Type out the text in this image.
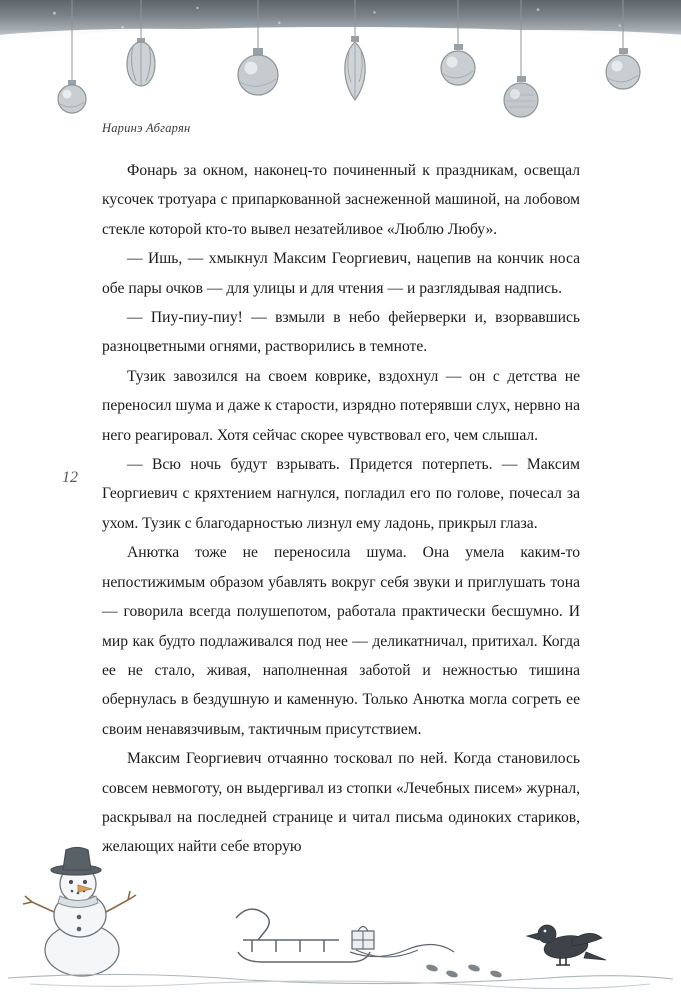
Наринэ Абгарян
12

Фонарь за окном, наконец-то починенный к праздникам, освещал кусочек тротуара с припаркованной заснеженной машиной, на лобовом стекле которой кто-то вывел незатейливое «Люблю Любу».

— Ишь, — хмыкнул Максим Георгиевич, нацепив на кончик носа обе пары очков — для улицы и для чтения — и разглядывая надпись.

— Пиу-пиу-пиу! — взмыли в небо фейерверки и, взорвавшись разноцветными огнями, растворились в темноте.

Тузик завозился на своем коврике, вздохнул — он с детства не переносил шума и даже к старости, изрядно потерявши слух, нервно на него реагировал. Хотя сейчас скорее чувствовал его, чем слышал.

— Всю ночь будут взрывать. Придется потерпеть. — Максим Георгиевич с кряхтением нагнулся, погладил его по голове, почесал за ухом. Тузик с благодарностью лизнул ему ладонь, прикрыл глаза.

Анютка тоже не переносила шума. Она умела каким-то непостижимым образом убавлять вокруг себя звуки и приглушать тона — говорила всегда полушепотом, работала практически бесшумно. И мир как будто подлаживался под нее — деликатничал, притихал. Когда ее не стало, живая, наполненная заботой и нежностью тишина обернулась в бездушную и каменную. Только Анютка могла согреть ее своим ненавязчивым, тактичным присутствием.

Максим Георгиевич отчаянно тосковал по ней. Когда становилось совсем невмоготу, он выдергивал из стопки «Лечебных писем» журнал, раскрывал на последней странице и читал письма одиноких стариков, желающих найти себе вторую
